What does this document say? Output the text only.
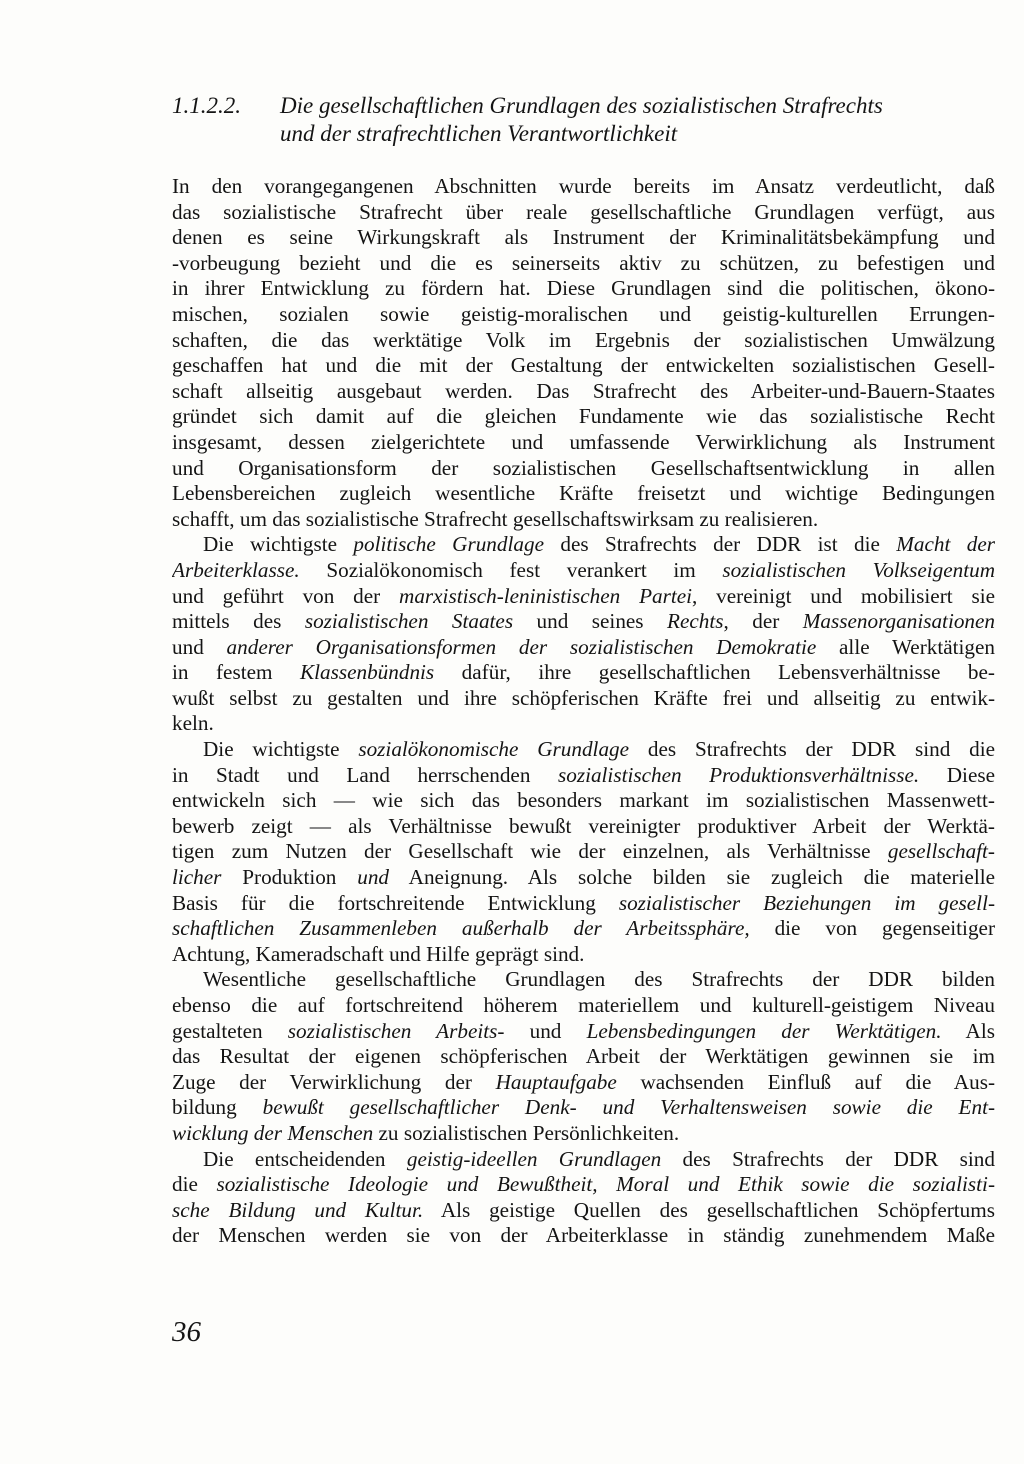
1.1.2.2.	Die gesellschaftlichen Grundlagen des sozialistischen Strafrechts
und der strafrechtlichen Verantwortlichkeit
In den vorangegangenen Abschnitten wurde bereits im Ansatz verdeutlicht, daß
das sozialistische Strafrecht über reale gesellschaftliche Grundlagen verfügt, aus
denen es seine Wirkungskraft als Instrument der Kriminalitätsbekämpfung und
-vorbeugung bezieht und die es seinerseits aktiv zu schützen, zu befestigen und
in ihrer Entwicklung zu fördern hat. Diese Grundlagen sind die politischen, ökono-
mischen, sozialen sowie geistig-moralischen und geistig-kulturellen Errungen-
schaften, die das werktätige Volk im Ergebnis der sozialistischen Umwälzung
geschaffen hat und die mit der Gestaltung der entwickelten sozialistischen Gesell-
schaft allseitig ausgebaut werden. Das Strafrecht des Arbeiter-und-Bauern-Staates
gründet sich damit auf die gleichen Fundamente wie das sozialistische Recht
insgesamt, dessen zielgerichtete und umfassende Verwirklichung als Instrument
und Organisationsform der sozialistischen Gesellschaftsentwicklung in allen
Lebensbereichen zugleich wesentliche Kräfte freisetzt und wichtige Bedingungen
schafft, um das sozialistische Strafrecht gesellschaftswirksam zu realisieren.
Die wichtigste politische Grundlage des Strafrechts der DDR ist die Macht der
Arbeiterklasse. Sozialökonomisch fest verankert im sozialistischen Volkseigentum
und geführt von der marxistisch-leninistischen Partei, vereinigt und mobilisiert sie
mittels des sozialistischen Staates und seines Rechts, der Massenorganisationen
und anderer Organisationsformen der sozialistischen Demokratie alle Werktätigen
in festem Klassenbündnis dafür, ihre gesellschaftlichen Lebensverhältnisse be-
wußt selbst zu gestalten und ihre schöpferischen Kräfte frei und allseitig zu entwik-
keln.
Die wichtigste sozialökonomische Grundlage des Strafrechts der DDR sind die
in Stadt und Land herrschenden sozialistischen Produktionsverhältnisse. Diese
entwickeln sich — wie sich das besonders markant im sozialistischen Massenwett-
bewerb zeigt — als Verhältnisse bewußt vereinigter produktiver Arbeit der Werktä-
tigen zum Nutzen der Gesellschaft wie der einzelnen, als Verhältnisse gesellschaft-
licher Produktion und Aneignung. Als solche bilden sie zugleich die materielle
Basis für die fortschreitende Entwicklung sozialistischer Beziehungen im gesell-
schaftlichen Zusammenleben außerhalb der Arbeitssphäre, die von gegenseitiger
Achtung, Kameradschaft und Hilfe geprägt sind.
Wesentliche gesellschaftliche Grundlagen des Strafrechts der DDR bilden
ebenso die auf fortschreitend höherem materiellem und kulturell-geistigem Niveau
gestalteten sozialistischen Arbeits- und Lebensbedingungen der Werktätigen. Als
das Resultat der eigenen schöpferischen Arbeit der Werktätigen gewinnen sie im
Zuge der Verwirklichung der Hauptaufgabe wachsenden Einfluß auf die Aus-
bildung bewußt gesellschaftlicher Denk- und Verhaltensweisen sowie die Ent-
wicklung der Menschen zu sozialistischen Persönlichkeiten.
Die entscheidenden geistig-ideellen Grundlagen des Strafrechts der DDR sind
die sozialistische Ideologie und Bewußtheit, Moral und Ethik sowie die sozialisti-
sche Bildung und Kultur. Als geistige Quellen des gesellschaftlichen Schöpfertums
der Menschen werden sie von der Arbeiterklasse in ständig zunehmendem Maße
36
